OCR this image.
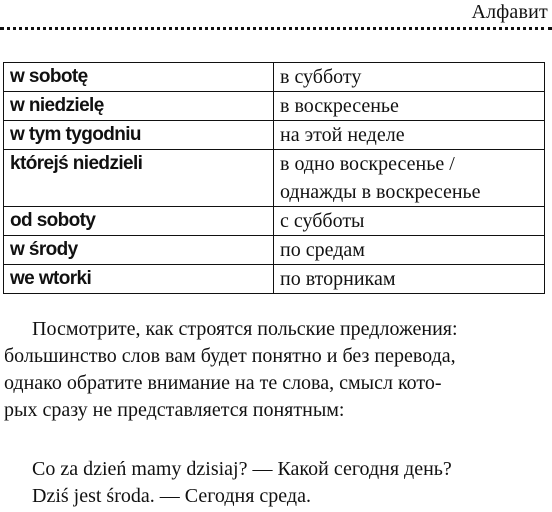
Алфавит
w sobotę	в субботу
w niedzielę	в воскресенье
w tym tygodniu	на этой неделе
którejś niedzieli	в одно воскресенье /
однажды в воскресенье
od soboty	с субботы
w środy	по средам
we wtorki	по вторникам

Посмотрите, как строятся польские предложения:
большинство слов вам будет понятно и без перевода,
однако обратите внимание на те слова, смысл кото-
рых сразу не представляется понятным:

Co za dzień mamy dzisiaj? — Какой сегодня день?
Dziś jest środa. — Сегодня среда.
